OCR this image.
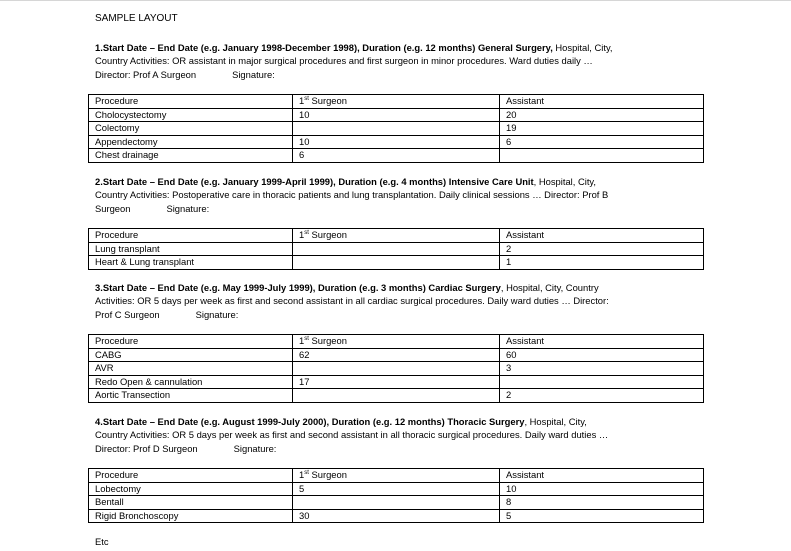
SAMPLE LAYOUT
1.Start Date – End Date (e.g. January 1998-December 1998), Duration (e.g. 12 months) General Surgery, Hospital, City, Country Activities: OR assistant in major surgical procedures and first surgeon in minor procedures. Ward duties daily … Director: Prof A Surgeon	Signature:
Procedure	1st Surgeon	Assistant
Cholocystectomy	10	20
Colectomy		19
Appendectomy	10	6
Chest drainage	6	
2.Start Date – End Date (e.g. January 1999-April 1999), Duration (e.g. 4 months) Intensive Care Unit, Hospital, City, Country Activities: Postoperative care in thoracic patients and lung transplantation. Daily clinical sessions … Director: Prof B Surgeon	Signature:
Procedure	1st Surgeon	Assistant
Lung transplant		2
Heart & Lung transplant		1
3.Start Date – End Date (e.g. May 1999-July 1999), Duration (e.g. 3 months) Cardiac Surgery, Hospital, City, Country Activities: OR 5 days per week as first and second assistant in all cardiac surgical procedures. Daily ward duties … Director: Prof C Surgeon	Signature:
Procedure	1st Surgeon	Assistant
CABG	62	60
AVR		3
Redo Open & cannulation	17	
Aortic Transection		2
4.Start Date – End Date (e.g. August 1999-July 2000), Duration (e.g. 12 months) Thoracic Surgery, Hospital, City, Country Activities: OR 5 days per week as first and second assistant in all thoracic surgical procedures. Daily ward duties … Director: Prof D Surgeon	Signature:
Procedure	1st Surgeon	Assistant
Lobectomy	5	10
Bentall		8
Rigid Bronchoscopy	30	5
Etc
